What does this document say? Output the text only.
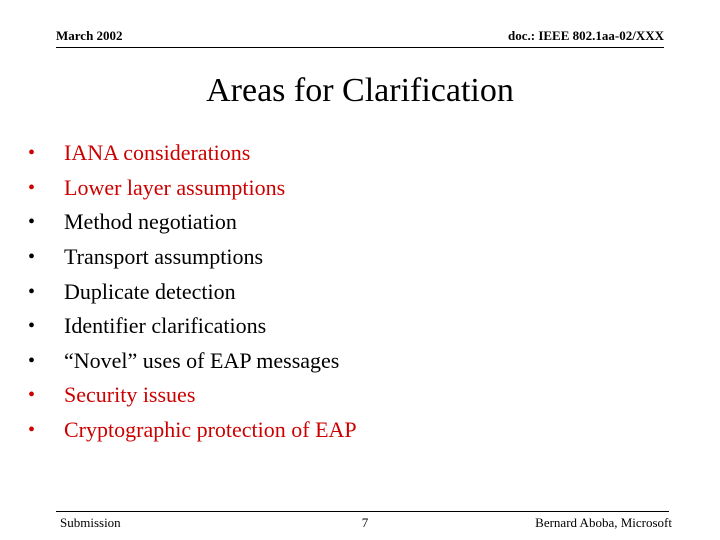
March 2002	doc.: IEEE 802.1aa-02/XXX
Areas for Clarification
•	IANA considerations
•	Lower layer assumptions
•	Method negotiation
•	Transport assumptions
•	Duplicate detection
•	Identifier clarifications
•	“Novel” uses of EAP messages
•	Security issues
•	Cryptographic protection of EAP
Submission	7	Bernard Aboba, Microsoft
